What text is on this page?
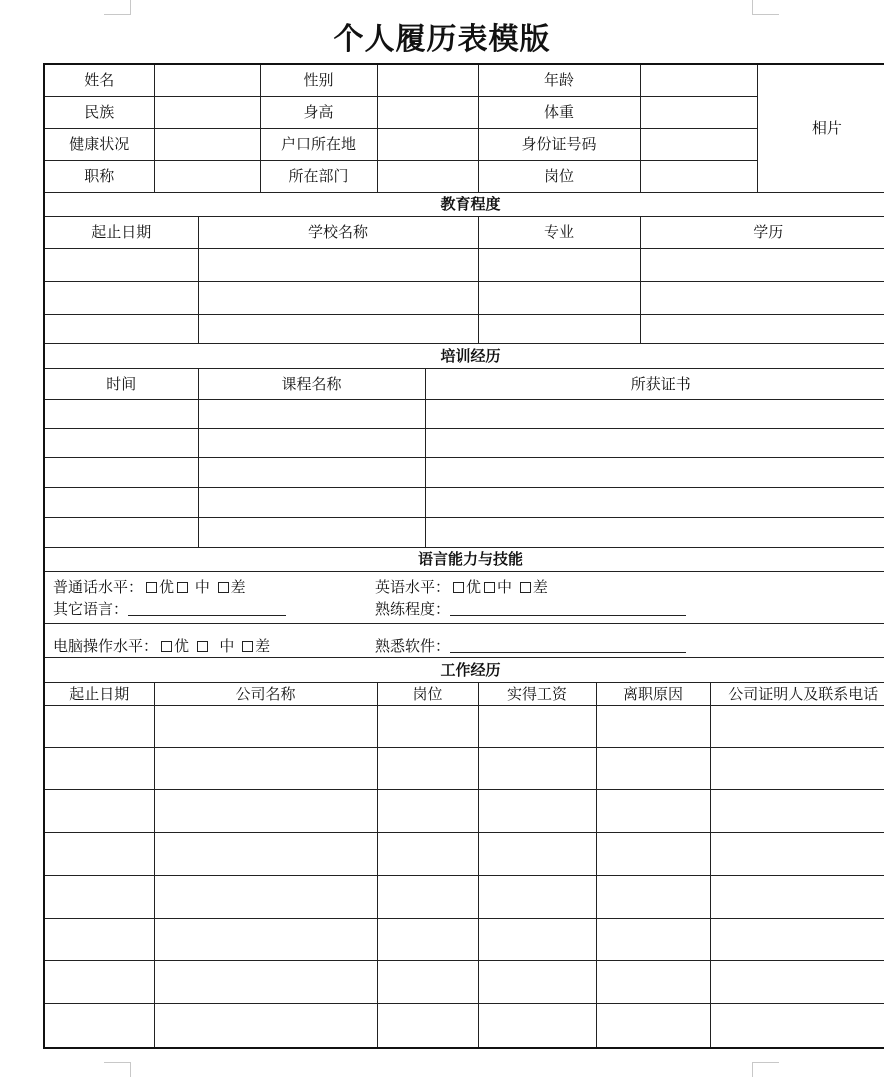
个人履历表模版
姓名			性别			年龄				相片
民族			身高			体重				
健康状况			户口所在地			身份证号码				
职称			所在部门			岗位				
教育程度										
起止日期		学校名称				专业		学历		

培训经历										
时间		课程名称			所获证书					

语言能力与技能										

普通话水平： 优 中 差 英语水平： 优 中 差
其它语言： 熟练程度：										

电脑操作水平： 优 中 差 熟悉软件：										

工作经历										
起止日期	公司名称			岗位		实得工资	离职原因		公司证明人及联系电话	
